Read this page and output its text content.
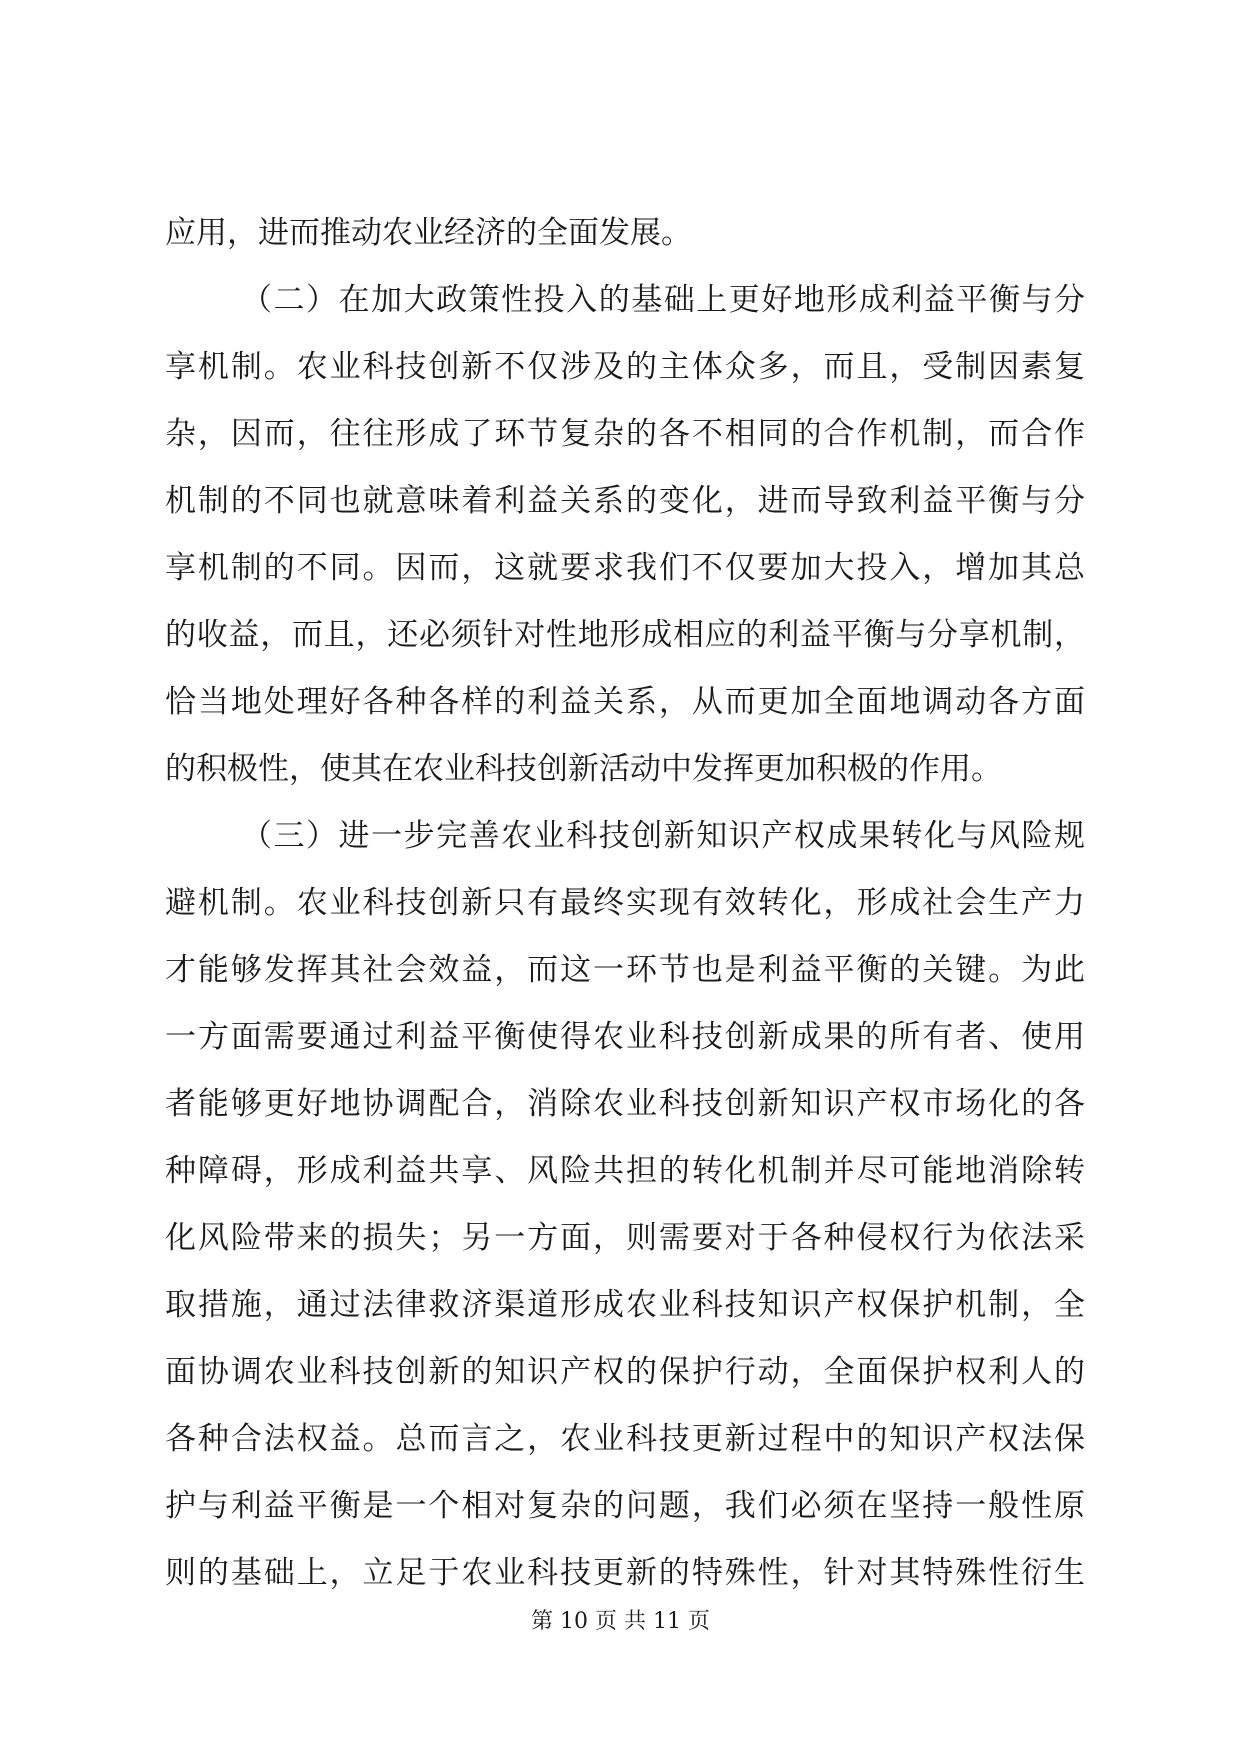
应用，进而推动农业经济的全面发展。
（二）在加大政策性投入的基础上更好地形成利益平衡与分
享机制。农业科技创新不仅涉及的主体众多，而且，受制因素复
杂，因而，往往形成了环节复杂的各不相同的合作机制，而合作
机制的不同也就意味着利益关系的变化，进而导致利益平衡与分
享机制的不同。因而，这就要求我们不仅要加大投入，增加其总
的收益，而且，还必须针对性地形成相应的利益平衡与分享机制，
恰当地处理好各种各样的利益关系，从而更加全面地调动各方面
的积极性，使其在农业科技创新活动中发挥更加积极的作用。
（三）进一步完善农业科技创新知识产权成果转化与风险规
避机制。农业科技创新只有最终实现有效转化，形成社会生产力
才能够发挥其社会效益，而这一环节也是利益平衡的关键。为此
一方面需要通过利益平衡使得农业科技创新成果的所有者、使用
者能够更好地协调配合，消除农业科技创新知识产权市场化的各
种障碍，形成利益共享、风险共担的转化机制并尽可能地消除转
化风险带来的损失；另一方面，则需要对于各种侵权行为依法采
取措施，通过法律救济渠道形成农业科技知识产权保护机制，全
面协调农业科技创新的知识产权的保护行动，全面保护权利人的
各种合法权益。总而言之，农业科技更新过程中的知识产权法保
护与利益平衡是一个相对复杂的问题，我们必须在坚持一般性原
则的基础上，立足于农业科技更新的特殊性，针对其特殊性衍生
第 10 页 共 11 页
